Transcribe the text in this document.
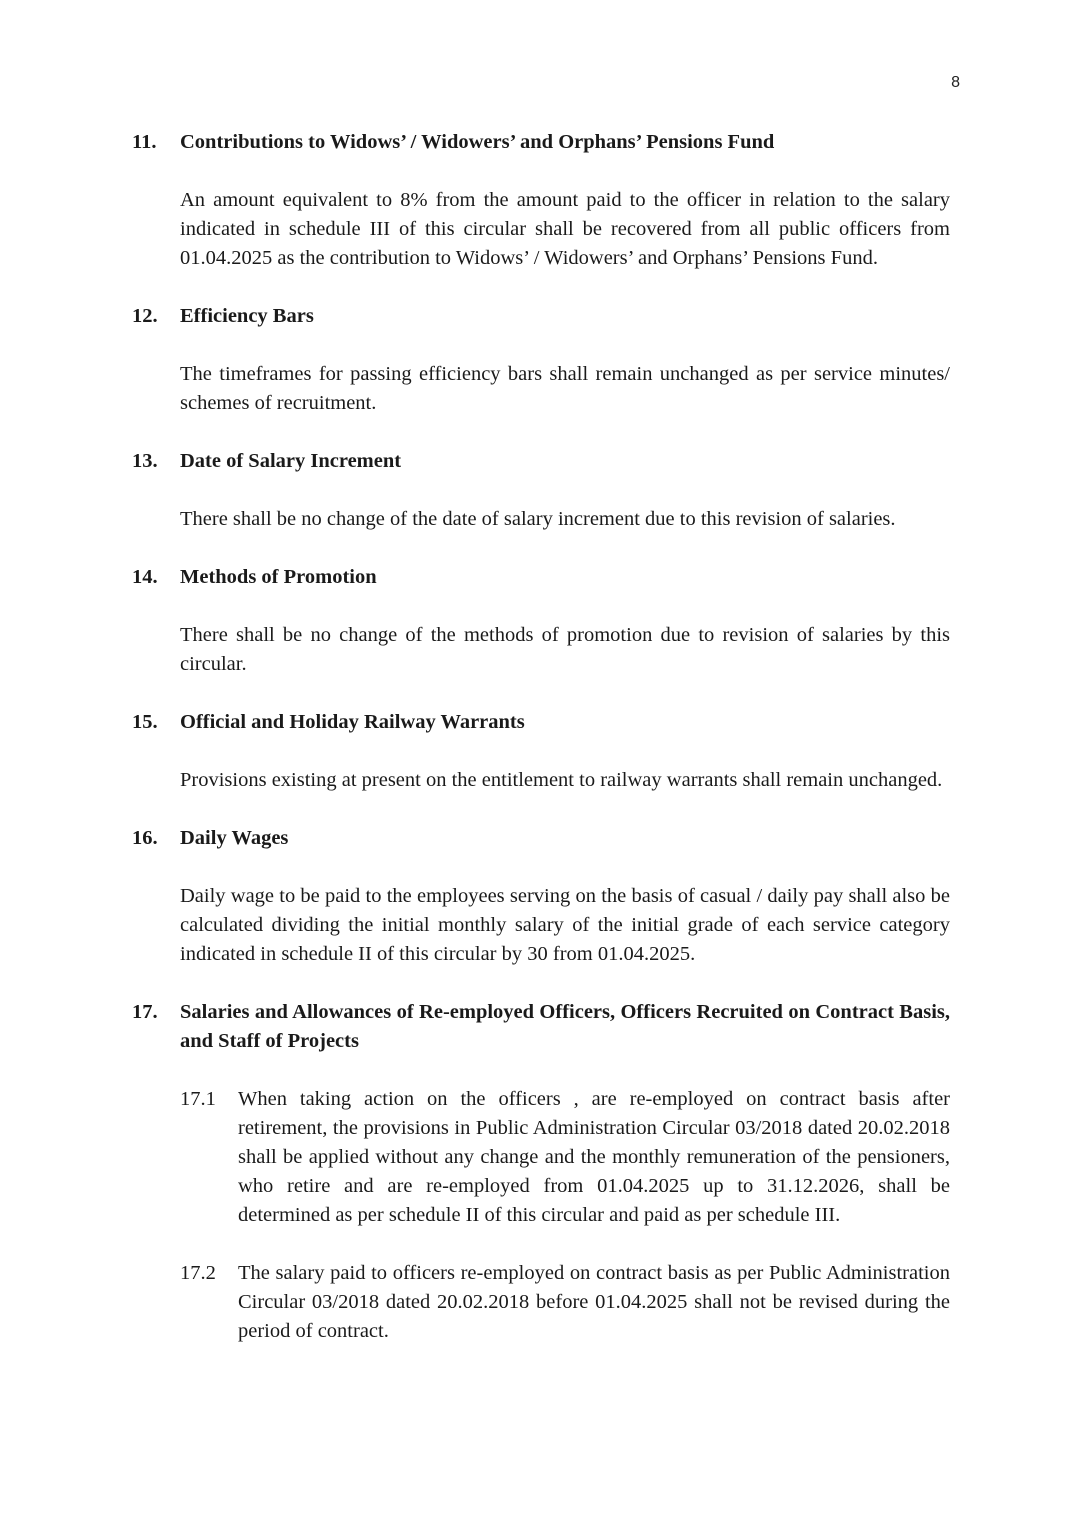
8
11.	Contributions to Widows’ / Widowers’ and Orphans’ Pensions Fund

An amount equivalent to 8% from the amount paid to the officer in relation to the salary indicated in schedule III of this circular shall be recovered from all public officers from 01.04.2025 as the contribution to Widows’ / Widowers’ and Orphans’ Pensions Fund.

12.	Efficiency Bars

The timeframes for passing efficiency bars shall remain unchanged as per service minutes/ schemes of recruitment.

13.	Date of Salary Increment

There shall be no change of the date of salary increment due to this revision of salaries.

14.	Methods of Promotion

There shall be no change of the methods of promotion due to revision of salaries by this circular.

15.	Official and Holiday Railway Warrants

Provisions existing at present on the entitlement to railway warrants shall remain unchanged.

16.	Daily Wages

Daily wage to be paid to the employees serving on the basis of casual / daily pay shall also be calculated dividing the initial monthly salary of the initial grade of each service category indicated in schedule II of this circular by 30 from 01.04.2025.

17.	Salaries and Allowances of Re-employed Officers, Officers Recruited on Contract Basis, and Staff of Projects
17.1	When taking action on the officers , are re-employed on contract basis after retirement, the provisions in Public Administration Circular 03/2018 dated 20.02.2018 shall be applied without any change and the monthly remuneration of the pensioners, who retire and are re-employed from 01.04.2025 up to 31.12.2026, shall be determined as per schedule II of this circular and paid as per schedule III.
17.2	The salary paid to officers re-employed on contract basis as per Public Administration Circular 03/2018 dated 20.02.2018 before 01.04.2025 shall not be revised during the period of contract.
